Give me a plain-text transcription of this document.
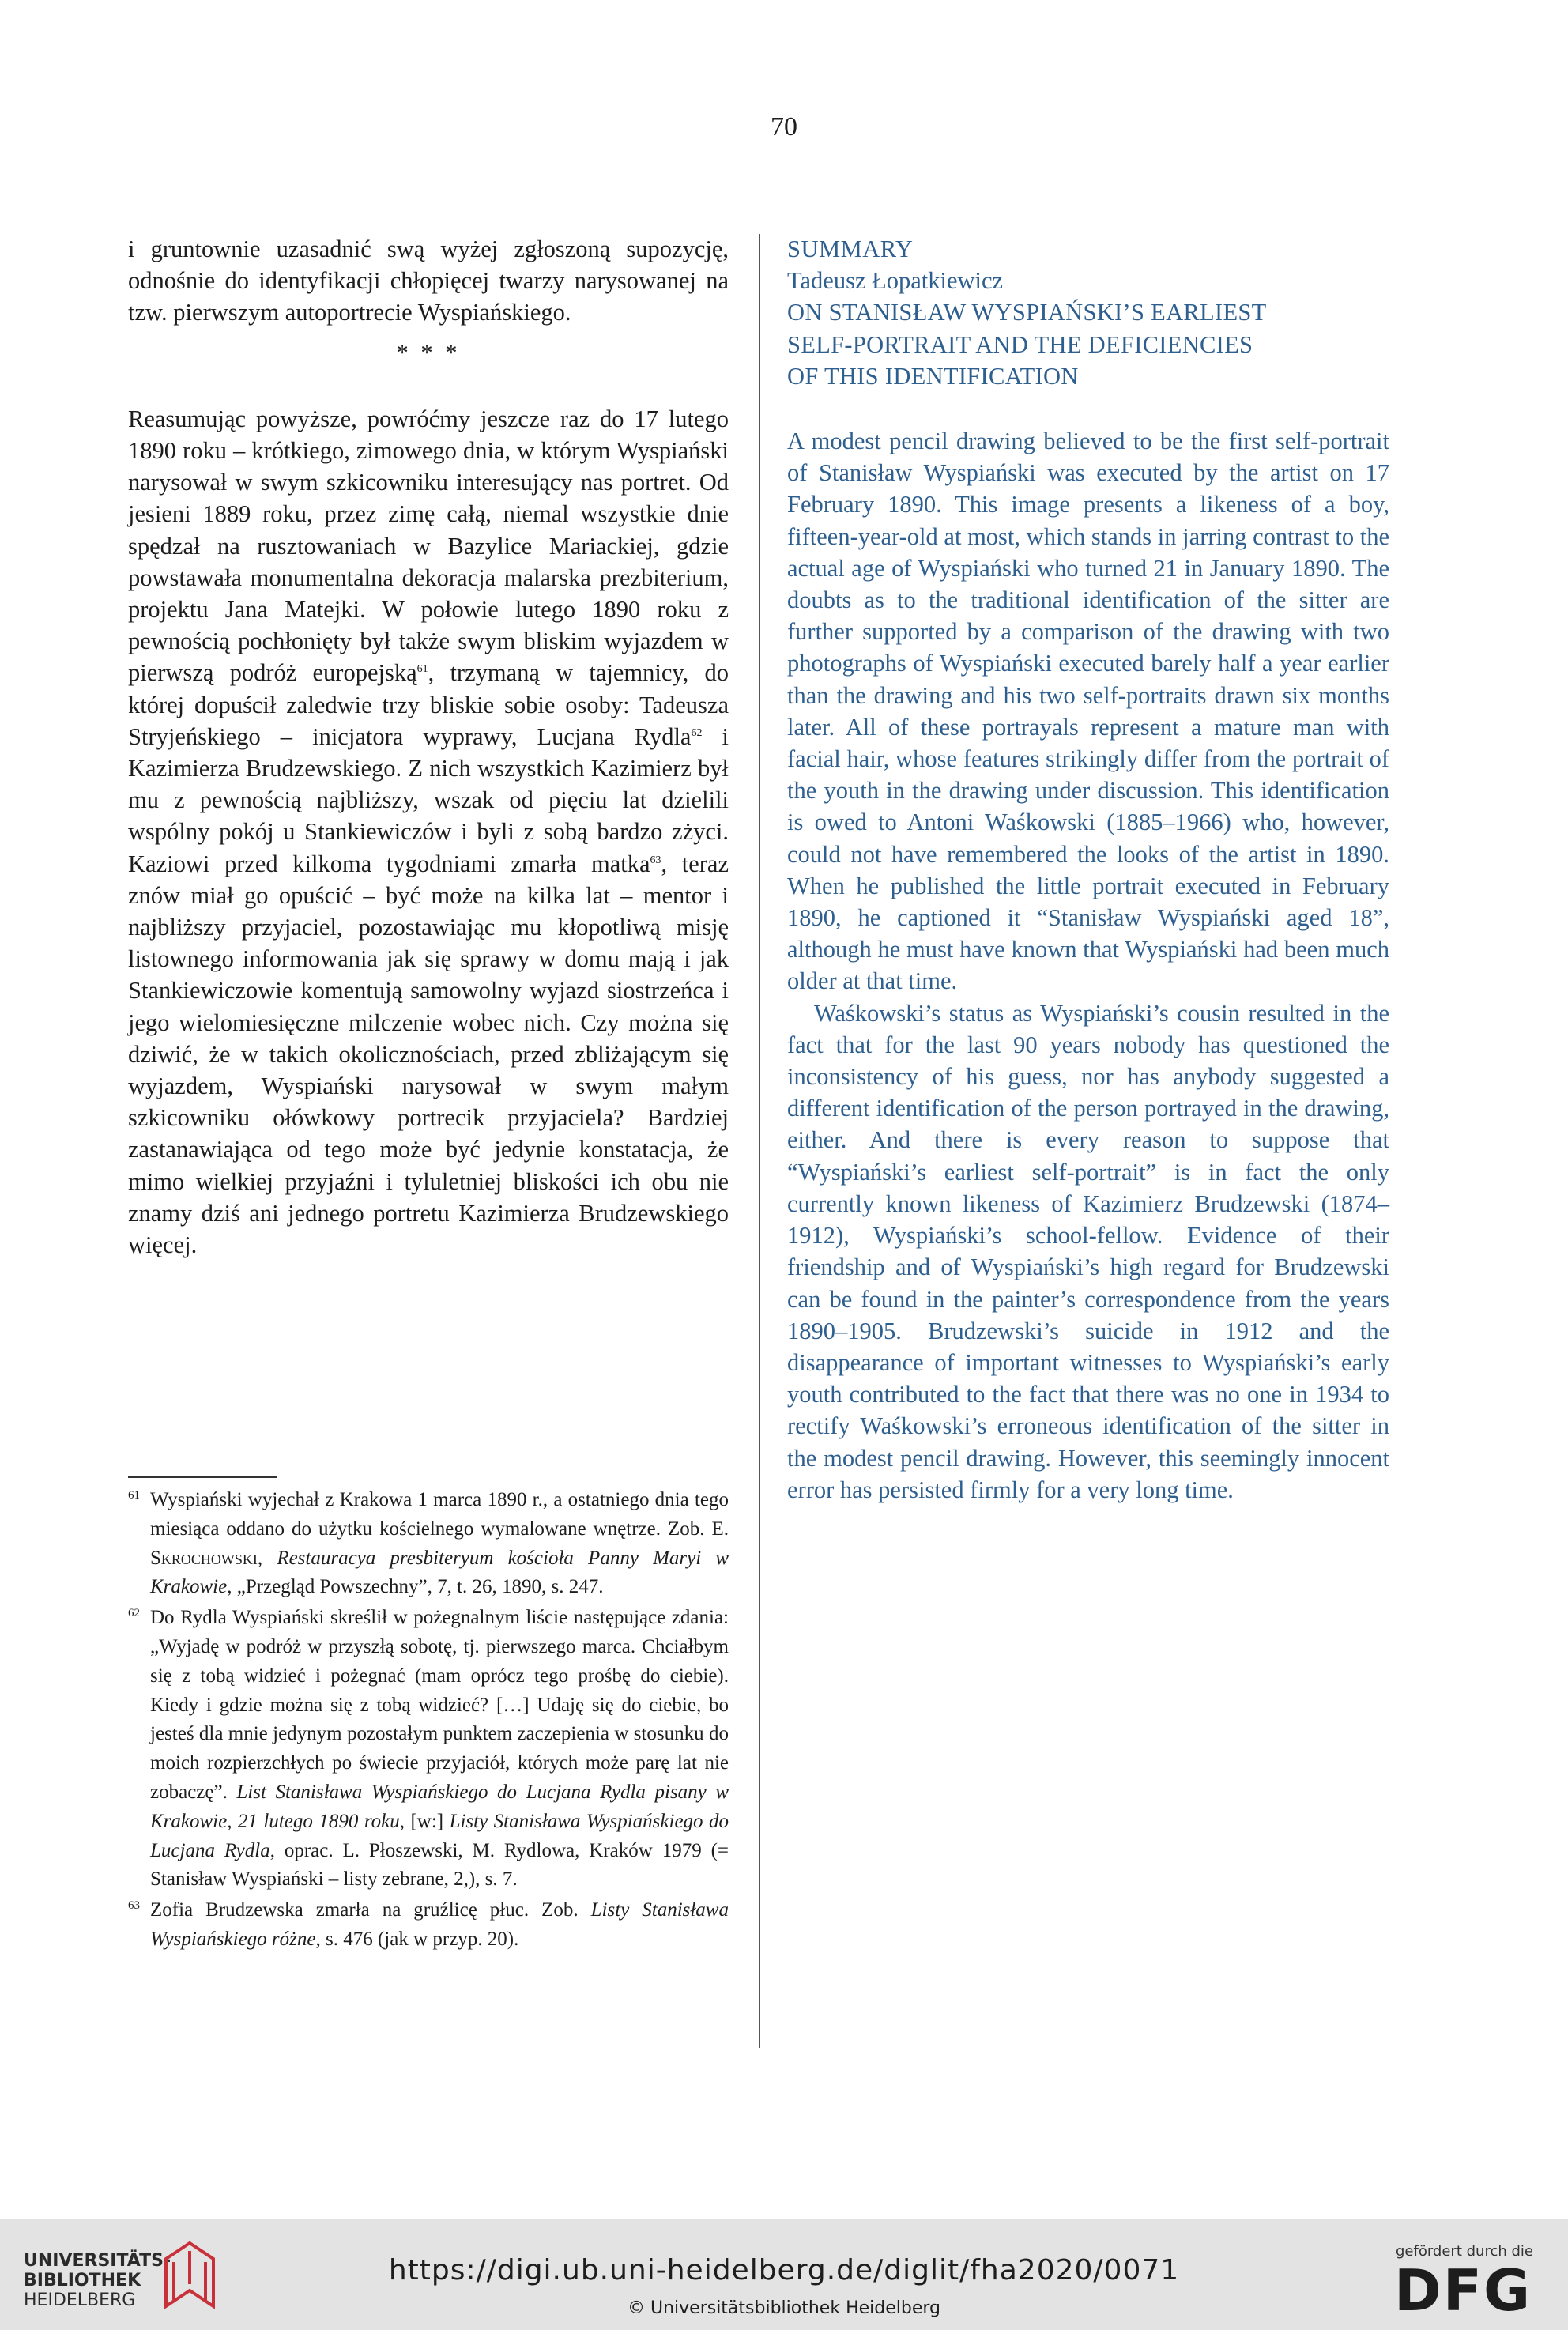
70

i gruntownie uzasadnić swą wyżej zgłoszoną supozycję, odnośnie do identyfikacji chłopięcej twarzy narysowanej na tzw. pierwszym autoportrecie Wyspiańskiego.

* * *

Reasumując powyższe, powróćmy jeszcze raz do 17 lutego 1890 roku – krótkiego, zimowego dnia, w którym Wyspiański narysował w swym szkicowniku interesujący nas portret. Od jesieni 1889 roku, przez zimę całą, niemal wszystkie dnie spędzał na rusztowaniach w Bazylice Mariackiej, gdzie powstawała monumentalna dekoracja malarska prezbiterium, projektu Jana Matejki. W połowie lutego 1890 roku z pewnością pochłonięty był także swym bliskim wyjazdem w pierwszą podróż europejską$^{61}$, trzymaną w tajemnicy, do której dopuścił zaledwie trzy bliskie sobie osoby: Tadeusza Stryjeńskiego – inicjatora wyprawy, Lucjana Rydla$^{62}$ i Kazimierza Brudzewskiego. Z nich wszystkich Kazimierz był mu z pewnością najbliższy, wszak od pięciu lat dzielili wspólny pokój u Stankiewiczów i byli z sobą bardzo zżyci. Kaziowi przed kilkoma tygodniami zmarła matka$^{63}$, teraz znów miał go opuścić – być może na kilka lat – mentor i najbliższy przyjaciel, pozostawiając mu kłopotliwą misję listownego informowania jak się sprawy w domu mają i jak Stankiewiczowie komentują samowolny wyjazd siostrzeńca i jego wielomiesięczne milczenie wobec nich. Czy można się dziwić, że w takich okolicznościach, przed zbliżającym się wyjazdem, Wyspiański narysował w swym małym szkicowniku ołówkowy portrecik przyjaciela? Bardziej zastanawiająca od tego może być jedynie konstatacja, że mimo wielkiej przyjaźni i tyluletniej bliskości ich obu nie znamy dziś ani jednego portretu Kazimierza Brudzewskiego więcej.

61 Wyspiański wyjechał z Krakowa 1 marca 1890 r., a ostatniego dnia tego miesiąca oddano do użytku kościelnego wymalowane wnętrze. Zob. E. Skrochowski, Restauracya presbiteryum kościoła Panny Maryi w Krakowie, „Przegląd Powszechny”, 7, t. 26, 1890, s. 247.
62 Do Rydla Wyspiański skreślił w pożegnalnym liście następujące zdania: „Wyjadę w podróż w przyszłą sobotę, tj. pierwszego marca. Chciałbym się z tobą widzieć i pożegnać (mam oprócz tego prośbę do ciebie). Kiedy i gdzie można się z tobą widzieć? […] Udaję się do ciebie, bo jesteś dla mnie jedynym pozostałym punktem zaczepienia w stosunku do moich rozpierzchłych po świecie przyjaciół, których może parę lat nie zobaczę”. List Stanisława Wyspiańskiego do Lucjana Rydla pisany w Krakowie, 21 lutego 1890 roku, [w:] Listy Stanisława Wyspiańskiego do Lucjana Rydla, oprac. L. Płoszewski, M. Rydlowa, Kraków 1979 (= Stanisław Wyspiański – listy zebrane, 2,), s. 7.
63 Zofia Brudzewska zmarła na gruźlicę płuc. Zob. Listy Stanisława Wyspiańskiego różne, s. 476 (jak w przyp. 20).

SUMMARY

Tadeusz Łopatkiewicz

ON STANISŁAW WYSPIAŃSKI’S EARLIEST

SELF-PORTRAIT AND THE DEFICIENCIES

OF THIS IDENTIFICATION

A modest pencil drawing believed to be the first self-portrait of Stanisław Wyspiański was executed by the artist on 17 February 1890. This image presents a likeness of a boy, fifteen-year-old at most, which stands in jarring contrast to the actual age of Wyspiański who turned 21 in January 1890. The doubts as to the traditional identification of the sitter are further supported by a comparison of the drawing with two photographs of Wyspiański executed barely half a year earlier than the drawing and his two self-portraits drawn six months later. All of these portrayals represent a mature man with facial hair, whose features strikingly differ from the portrait of the youth in the drawing under discussion. This identification is owed to Antoni Waśkowski (1885–1966) who, however, could not have remembered the looks of the artist in 1890. When he published the little portrait executed in February 1890, he captioned it “Stanisław Wyspiański aged 18”, although he must have known that Wyspiański had been much older at that time.

Waśkowski’s status as Wyspiański’s cousin resulted in the fact that for the last 90 years nobody has questioned the inconsistency of his guess, nor has anybody suggested a different identification of the person portrayed in the drawing, either. And there is every reason to suppose that “Wyspiański’s earliest self-portrait” is in fact the only currently known likeness of Kazimierz Brudzewski (1874–1912), Wyspiański’s school-fellow. Evidence of their friendship and of Wyspiański’s high regard for Brudzewski can be found in the painter’s correspondence from the years 1890–1905. Brudzewski’s suicide in 1912 and the disappearance of important witnesses to Wyspiański’s early youth contributed to the fact that there was no one in 1934 to rectify Waśkowski’s erroneous identification of the sitter in the modest pencil drawing. However, this seemingly innocent error has persisted firmly for a very long time.

UNIVERSITÄTS-
BIBLIOTHEK
HEIDELBERG
https://digi.ub.uni-heidelberg.de/diglit/fha2020/0071
© Universitätsbibliothek Heidelberg
gefördert durch die
DFG
